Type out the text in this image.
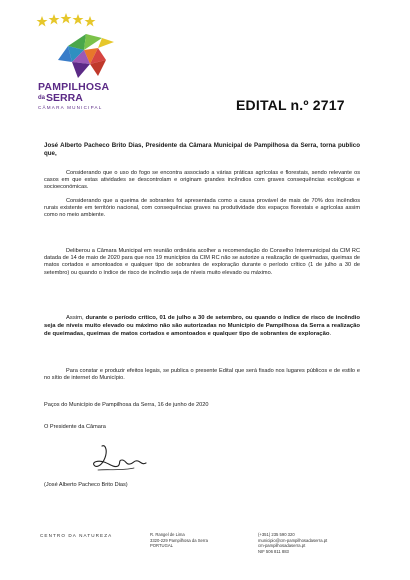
PAMPILHOSA
daSERRA
CÂMARA MUNICIPAL	EDITAL n.º 2717
José Alberto Pacheco Brito Dias, Presidente da Câmara Municipal de Pampilhosa da Serra, torna publico que,
Considerando que o uso do fogo se encontra associado a várias práticas agrícolas e florestais, sendo relevante os casos em que estas atividades se descontrolam e originam grandes incêndios com graves consequências ecológicas e socioeconómicas.
Considerando que a queima de sobrantes foi apresentada como a causa provável de mais de 70% dos incêndios rurais existente em território nacional, com consequências graves na produtividade dos espaços florestais e agrícolas assim como no meio ambiente.
Deliberou a Câmara Municipal em reunião ordinária acolher a recomendação do Conselho Intermunicipal da CIM RC datada de 14 de maio de 2020 para que nos 19 municípios da CIM RC não se autorize a realização de queimadas, queimas de matos cortados e amontoados e qualquer tipo de sobrantes de exploração durante o período crítico (1 de julho a 30 de setembro) ou quando o índice de risco de incêndio seja de níveis muito elevado ou máximo.
Assim, durante o período crítico, 01 de julho a 30 de setembro, ou quando o índice de risco de incêndio seja de níveis muito elevado ou máximo não são autorizadas no Município de Pampilhosa da Serra a realização de queimadas, queimas de matos cortados e amontoados e qualquer tipo de sobrantes de exploração.
Para constar e produzir efeitos legais, se publica o presente Edital que será fixado nos lugares públicos e de estilo e no sítio de internet do Município.
Paços do Município de Pampilhosa da Serra, 16 de junho de 2020
O Presidente da Câmara
(José Alberto Pacheco Brito Dias)
CENTRO DA NATUREZA	R. Rangel de Lima
3320-229 Pampilhosa da Serra
PORTUGAL
(+351) 235 590 320
municipio@cm-pampilhosadaserra.pt
cm-pampilhosadaserra.pt
NIF 506 811 883
